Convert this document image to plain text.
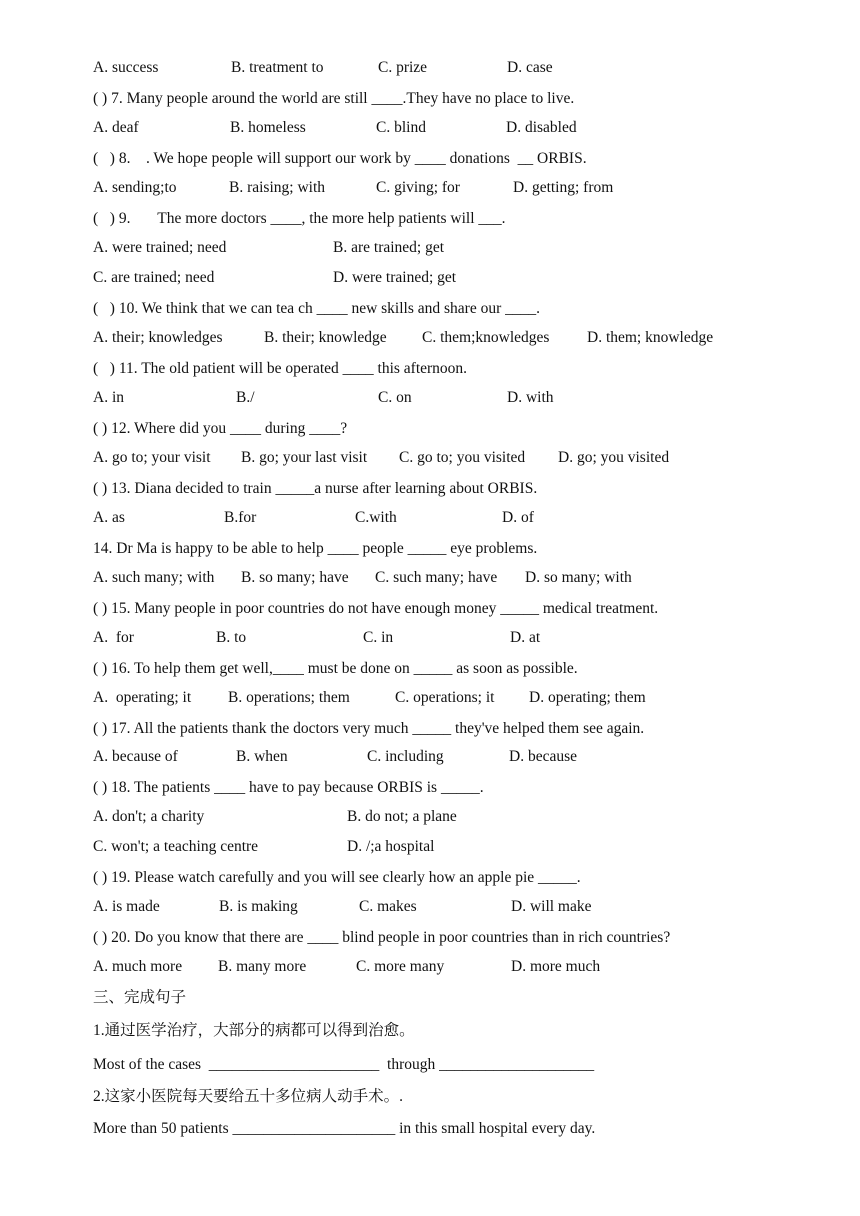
A. success	B. treatment to	C. prize	D. case
( ) 7. Many people around the world are still ____.They have no place to live.
A. deaf	B. homeless	C. blind	D. disabled
(   ) 8.    . We hope people will support our work by ____ donations  __ ORBIS.
A. sending;to	B. raising; with	C. giving; for	D. getting; from
(   ) 9.       The more doctors ____, the more help patients will ___.
A. were trained; need	B. are trained; get
C. are trained; need	D. were trained; get
(   ) 10. We think that we can tea ch ____ new skills and share our ____.
A. their; knowledges	B. their; knowledge C. them;knowledges D. them; knowledge
(   ) 11. The old patient will be operated ____ this afternoon.
A. in	B./	C. on	D. with
( ) 12. Where did you ____ during ____?
A. go to; your visit B. go; your last visit C. go to; you visited D. go; you visited
( ) 13. Diana decided to train _____a nurse after learning about ORBIS.
A. as	B.for	C.with	D. of
14. Dr Ma is happy to be able to help ____ people _____ eye problems.
A. such many; with B. so many; have C. such many; have D. so many; with
( ) 15. Many people in poor countries do not have enough money _____ medical treatment.
A.  for	B. to	C. in	D. at
( ) 16. To help them get well,____ must be done on _____ as soon as possible.
A.  operating; it B. operations; them	C. operations; it D. operating; them
( ) 17. All the patients thank the doctors very much _____ they've helped them see again.
A. because of	B. when	C. including	D. because
( ) 18. The patients ____ have to pay because ORBIS is _____.
A. don't; a charity	B. do not; a plane
C. won't; a teaching centre	D. /;a hospital
( ) 19. Please watch carefully and you will see clearly how an apple pie _____.
A. is made	B. is making	C. makes	D. will make
( ) 20. Do you know that there are ____ blind people in poor countries than in rich countries?
A. much more B. many more	C. more many	D. more much
三、完成句子
1.通过医学治疗，大部分的病都可以得到治愈。
Most of the cases  ______________________  through ____________________
2.这家小医院每天要给五十多位病人动手术。.
More than 50 patients _____________________ in this small hospital every day.
